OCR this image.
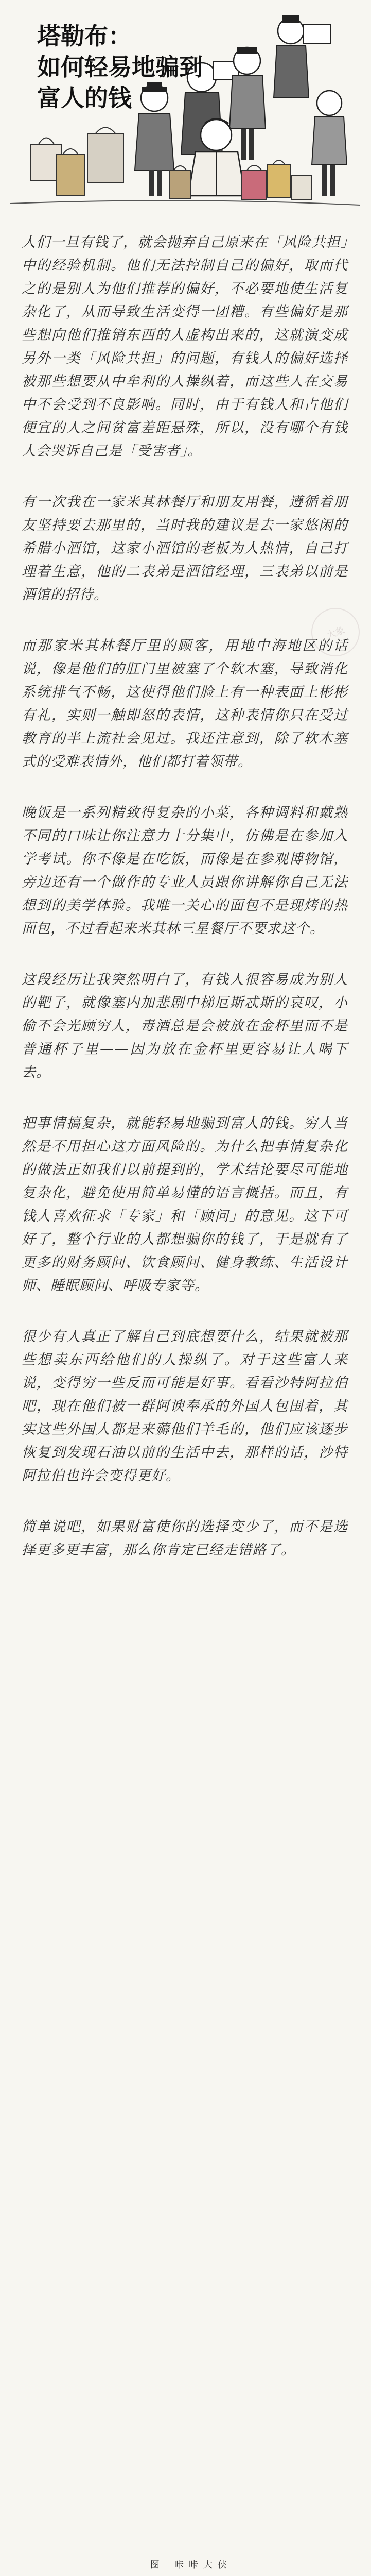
塔勒布：
如何轻易地骗到
富人的钱
大象

人们一旦有钱了，就会抛弃自己原来在「风险共担」中的经验机制。他们无法控制自己的偏好，取而代之的是别人为他们推荐的偏好，不必要地使生活复杂化了，从而导致生活变得一团糟。有些偏好是那些想向他们推销东西的人虚构出来的，这就演变成另外一类「风险共担」的问题，有钱人的偏好选择被那些想要从中牟利的人操纵着，而这些人在交易中不会受到不良影响。同时，由于有钱人和占他们便宜的人之间贫富差距悬殊，所以，没有哪个有钱人会哭诉自己是「受害者」。

有一次我在一家米其林餐厅和朋友用餐，遵循着朋友坚持要去那里的，当时我的建议是去一家悠闲的希腊小酒馆，这家小酒馆的老板为人热情，自己打理着生意，他的二表弟是酒馆经理，三表弟以前是酒馆的招待。

而那家米其林餐厅里的顾客，用地中海地区的话说，像是他们的肛门里被塞了个软木塞，导致消化系统排气不畅，这使得他们脸上有一种表面上彬彬有礼，实则一触即怒的表情，这种表情你只在受过教育的半上流社会见过。我还注意到，除了软木塞式的受难表情外，他们都打着领带。

晚饭是一系列精致得复杂的小菜，各种调料和戴熟不同的口味让你注意力十分集中，仿佛是在参加入学考试。你不像是在吃饭，而像是在参观博物馆，旁边还有一个做作的专业人员跟你讲解你自己无法想到的美学体验。我唯一关心的面包不是现烤的热面包，不过看起来米其林三星餐厅不要求这个。

这段经历让我突然明白了，有钱人很容易成为别人的靶子，就像塞内加悲剧中梯厄斯忒斯的哀叹，小偷不会光顾穷人，毒酒总是会被放在金杯里而不是普通杯子里——因为放在金杯里更容易让人喝下去。

把事情搞复杂，就能轻易地骗到富人的钱。穷人当然是不用担心这方面风险的。为什么把事情复杂化的做法正如我们以前提到的，学术结论要尽可能地复杂化，避免使用简单易懂的语言概括。而且，有钱人喜欢征求「专家」和「顾问」的意见。这下可好了，整个行业的人都想骗你的钱了，于是就有了更多的财务顾问、饮食顾问、健身教练、生活设计师、睡眠顾问、呼吸专家等。

很少有人真正了解自己到底想要什么，结果就被那些想卖东西给他们的人操纵了。对于这些富人来说，变得穷一些反而可能是好事。看看沙特阿拉伯吧，现在他们被一群阿谀奉承的外国人包围着，其实这些外国人都是来薅他们羊毛的，他们应该逐步恢复到发现石油以前的生活中去，那样的话，沙特阿拉伯也许会变得更好。

简单说吧，如果财富使你的选择变少了，而不是选择更多更丰富，那么你肯定已经走错路了。

图 咔 咔 大 侠
